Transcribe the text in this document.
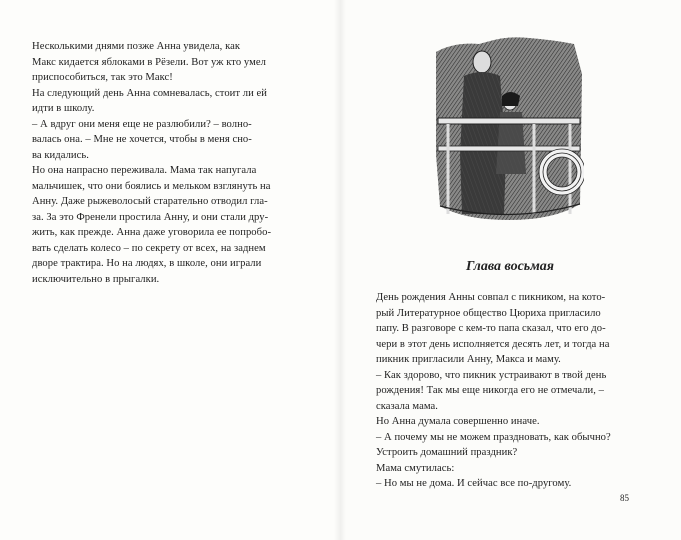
Несколькими днями позже Анна увидела, как
Макс кидается яблоками в Рёзели. Вот уж кто умел
приспособиться, так это Макс!
На следующий день Анна сомневалась, стоит ли ей
идти в школу.
– А вдруг они меня еще не разлюбили? – волно-
валась она. – Мне не хочется, чтобы в меня сно-
ва кидались.
Но она напрасно переживала. Мама так напугала
мальчишек, что они боялись и мельком взглянуть на
Анну. Даже рыжеволосый старательно отводил гла-
за. За это Френели простила Анну, и они стали дру-
жить, как прежде. Анна даже уговорила ее попробо-
вать сделать колесо – по секрету от всех, на заднем
дворе трактира. Но на людях, в школе, они играли
исключительно в прыгалки.
Глава восьмая
День рождения Анны совпал с пикником, на кото-
рый Литературное общество Цюриха пригласило
папу. В разговоре с кем-то папа сказал, что его до-
чери в этот день исполняется десять лет, и тогда на
пикник пригласили Анну, Макса и маму.
– Как здорово, что пикник устраивают в твой день
рождения! Так мы еще никогда его не отмечали, –
сказала мама.
Но Анна думала совершенно иначе.
– А почему мы не можем праздновать, как обычно?
Устроить домашний праздник?
Мама смутилась:
– Но мы не дома. И сейчас все по-другому.
85
